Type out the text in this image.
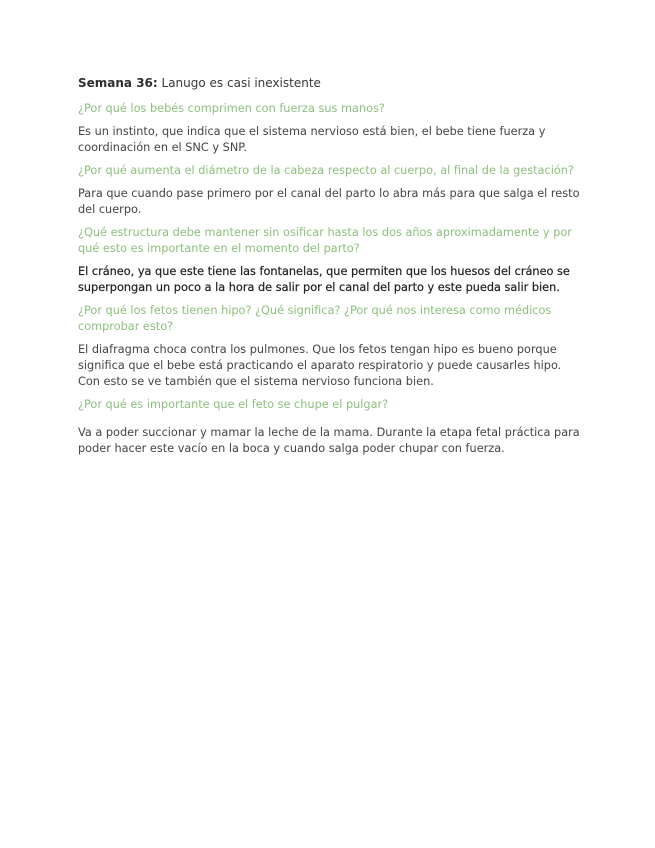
Semana 36: Lanugo es casi inexistente

¿Por qué los bebés comprimen con fuerza sus manos?

Es un instinto, que indica que el sistema nervioso está bien, el bebe tiene fuerza y coordinación en el SNC y SNP.

¿Por qué aumenta el diámetro de la cabeza respecto al cuerpo, al final de la gestación?

Para que cuando pase primero por el canal del parto lo abra más para que salga el resto del cuerpo.

¿Qué estructura debe mantener sin osificar hasta los dos años aproximadamente y por qué esto es importante en el momento del parto?

El cráneo, ya que este tiene las fontanelas, que permiten que los huesos del cráneo se superpongan un poco a la hora de salir por el canal del parto y este pueda salir bien.

¿Por qué los fetos tienen hipo? ¿Qué significa? ¿Por qué nos interesa como médicos comprobar esto?

El diafragma choca contra los pulmones. Que los fetos tengan hipo es bueno porque significa que el bebe está practicando el aparato respiratorio y puede causarles hipo. Con esto se ve también que el sistema nervioso funciona bien.

¿Por qué es importante que el feto se chupe el pulgar?

Va a poder succionar y mamar la leche de la mama. Durante la etapa fetal práctica para poder hacer este vacío en la boca y cuando salga poder chupar con fuerza.
